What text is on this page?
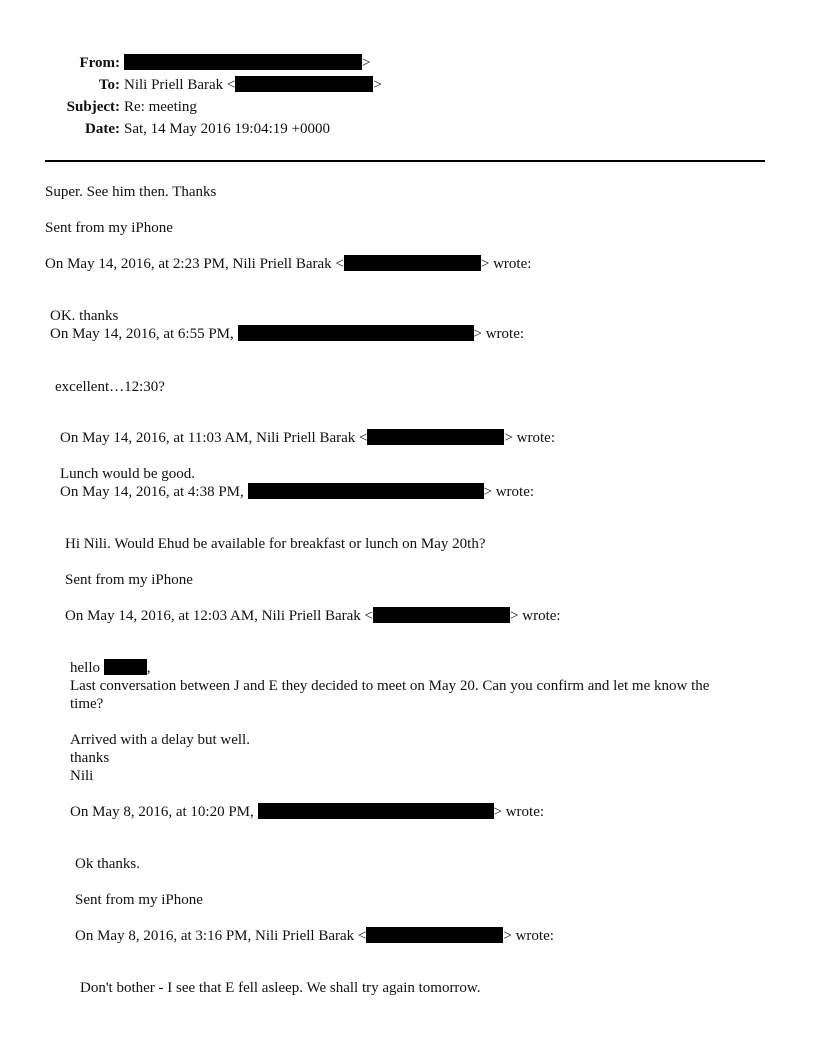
From:	>
To: Nili Priell Barak <	>
Subject: Re: meeting
Date: Sat, 14 May 2016 19:04:19 +0000
Super. See him then. Thanks
Sent from my iPhone
On May 14, 2016, at 2:23 PM, Nili Priell Barak <	> wrote:
OK. thanks
On May 14, 2016, at 6:55 PM,	> wrote:
excellent…12:30?
On May 14, 2016, at 11:03 AM, Nili Priell Barak <	> wrote:
Lunch would be good.
On May 14, 2016, at 4:38 PM,	> wrote:
Hi Nili. Would Ehud be available for breakfast or lunch on May 20th?
Sent from my iPhone
On May 14, 2016, at 12:03 AM, Nili Priell Barak <	> wrote:
hello	,
Last conversation between J and E they decided to meet on May 20. Can you confirm and let me know the time?
Arrived with a delay but well.
thanks
Nili
On May 8, 2016, at 10:20 PM,	> wrote:
Ok thanks.
Sent from my iPhone
On May 8, 2016, at 3:16 PM, Nili Priell Barak <	> wrote:
Don't bother - I see that E fell asleep. We shall try again tomorrow.
